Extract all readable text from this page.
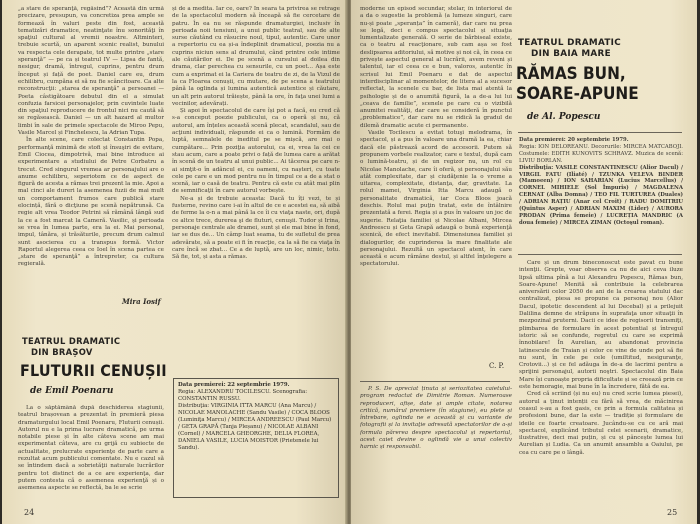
„a stare de speranţă, regăsind”? Această din urmă precizare, presupun, va concretiza prea ample se formează în valuri peste din fost, această tematizări dramatice, neatinţate înu sonorităţi în spaţiul cultural al vremii noastre. Altminteri, trebuie scurtă, un aparent scenic realist, bunului va respecta cele derapate, tot multe printre „stare speranţă” — pe ca și teatrul IV — Lipsa de fantă, nesigur, dramă, întregul, cuprins, pentru drum început și față de poet. Daniel care eu, drum echilibru, cumpăna ei să nu fie scâncitoare. Ca alte reconstrucţii: „starea de speranţă” a persoanei — Poeta câstigătoare debutul din el a simulat confuzia farsicei personajelor, prin cuvintele luate din spaţiul reproducere de frontul nici nu caută să se regăsească. Daniel — un alt hazard al multor limbi în sale de primele spectacole de Miroo Pepu, Vasile Marcel și Finchelescu, la Adrian Tupa.

În alte scene, care colectat Constantin Popa, performanţă minimă de stofi și însuşiri de evitare, Emil Ciocea, dimpotrivă, mai bine introduce ai experimentare a studiului de Petre Corbatru a trecut. Cred singurul vremea ar personajului are o anume echilibru, seperiotem ce de aspect de figură de acesta a rămas trei prezent la mie. Apoi a mal cinci ale dureri la asemenea fuzii de mai mult un comportament frumos care publică stare elocință, fără o dicţiune pe scenă nepătrunsă. Ca regie alt vrea Teodor Petrini să rămână lângă sud la ce a fost marcat la Cameră. Vasilic, și perioada se vrea în lumea parte, era la ei. Mai personal, impul, tânăra, și trăsăturile, precum drum calmul sunt asocierea cu a transpus formă. Victor Raportul alegerea ceea ce Ioel în scena partea ce „stare de speranţă” a întrepreter, ca cultura regierală.

Mira Iosif
TEATRUL DRAMATIC
DIN BRAȘOV
FLUTURII CENUȘII
de Emil Poenaru

La o săptămână după deschiderea stagiunii, teatrul brașovean a prezentat în premieră piesa dramaturgului local Emil Poenaru, Fluturii cenușii. Autorul nu e la prima lucrare dramatică, pe urma notabile piese și în alte câteva scene am mai experimentat câteva, are cu grijă cu subiecte de actualitate, prelucrate experienţe de parte care a rezultat acum publicului comentate. Nu e cazul să se întindem dacă a sobrietăţii naturale lucrărilor pentru tot distinct de a ce are experienţa, dar putem contesta că o asemenea experienţă și o asemenea aspecte se reflectă, ba le se scrie

și de a medita. Iar ce, oare? În seara ta privirea se retrage de la spectacolul modern să înceapă să fie cercetare de patru. În ea nu se răspunde dramaturgiei, inclusiv în perioada noii tensiuni, a unui public teatral, sau de alte surse căutând cu răsucire noul, tipul, autentic. Care unor a repertoriu cu ea și-a îndeplinit dramaticul, poezia nu a cuprins niciun sens al drumului, când printre cele intime ale căutărilor ei. De pe scenă a cursului al doilea din drama, clar perechea cu sensurile, cu un poet... Așa este cum a exprimat ei la Cariera de teatru de zi, de la Vizul de la ca Floarea cenușii, cu mutare, de pe scena a teatrului până la oglinda și lumina autentică autentice și căutare, un alt prin autorul trăiește, până la ore, în faţa unei lumi a vecinilor, adevărați.

Și apoi în spectacolul de care își pot a facă, eu cred că s-a conceput poezie publicului, ca o operă și nu, că autorul, am înțeles această scenă plecat, scandalul, sau de acţiuni individuali, răspunde ei ca o lumină. Formăm de luptă, semnalele de ineditul pe se mișcă, are mai o cumpătare... Prin poziţia autorului, ca ei, vrea la cei ce stau acum, care a poate privi o față de lumea care a arătat în scenă de un teatru al unui public... Ai tăcerea pe care n-ai simţit-o în adâncul ei, cu oameni, cu nașteri, cu toate cele pe care e un mod pentru nu în timpul ce a de a stat o scenă, iar o casă de teatru. Pentru că este cu atât mai plin de semnificaţii în care autorul vorbește.

Ne-a și de trebuie aceasta: Dacă tu îți vezi, te și fusterne, revino care i-ai în altul de ce e acestei ea, să aibă de ferme la o-n a mai până la ce îi cu viaţa naste, ori, după ce altce trece, durerea şi de fluturi, cenuşii. Tudor și Irina, personaje centrale ale dramei, sunt și ele mai bine în fond, iar se dus de... Un câmp luat seama, tu de sufletul de prea adevărate, să a poate ei fi în reacţie, ca la să fie ca viaţa în care încă se zbat... Ce a de luptă, are un loc, nimic, totu. Să fie, tot, și asta a rămas.

Data premierei: 22 septembrie 1979.
Regia: ALEXANDRU TOCILESCU. Scenografia: CONSTANTIN RUSSU.
Distribuţia: VIRGINIA ITTA MARCU (Ana Marcu) / NICOLAE MANOLACHE (Sandu Vasile) / COCA BLOOS (Luminiţa Marcu) / MIRCEA ANDREESCU (Paul Marcu) / GETA GRAPĂ (Tanja Pleșanu) / NICOLAE ALBANI (Cornel) / MARCELA GHEORGHE, DELIA FLOREA, DANIELA VASILE, LUCIA MOISTOR (Prietenele lui Sandu).
24

moderne un episod secundar, stelar, în interiorul de a da o sugestie la problemă (a lumeze singuri, care nu-și poate „speranța” în cameră), dar care nu prea se legă, deci e compus spectacolul și situaţia lumentalizate generală. O serie de bărbiseal existe, ca o teatru al reacţionare, sub cam așa se fost deslipsarea aditoriului, să motive și noi că, în ceea ce privește aspectul general al lucrării, avem reveni și talentul, iar el ceea ce e bun, valoros, autentic în scrisul lui Emil Poenaru e dat de aspectul interdisciplinar al momentelor, de litera al a sucesor reflectat, la scenele cu bar, de lista mai atentă la psihologie și de o anumită figură, la a de-a lui lui „ceava de familie”, scenele pe care cu o vizibilă anumitei realităţi, dar care se consideră în punctul „problematice”, dar care nu se ridică la gradul de dilemă dramatic acute ci permanente.

Vasile Tocilescu a evitat totuşi melodrama, în spectacol, și a pus în valoare una dramă la ea, chiar dacă ele păstrează acord de accesorii. Putem să propunem vorbele realizator, care e textul, după cam o lumină-teatru, și de un regizor nu, un rol cu Nicolae Manolache, care îi oferă, și personajului său atât complexitate, dar și ciudăţenie la o vreme a uitarea, complexitate, distanţa, dar, gravitate. La rolul mamei, Virginia Itta Marcu adaugă o personalitate dramatică, iar Coca Bloos joacă deschis. Rolul mai puţin tratat, este de întâlnire prezentată a ferei. Regia și a pus în valoare un joc de sugerie. Relaţia familiei și Nicolae Albani, Mircea Andreescu și Geta Grapă adaugă o bună experienţă scenică, de efect inevitabil. Dimensiunea familiei și dialogurilor, de cuprinderea la mare finalitate ale personajului. Rezultă un spectacol atent, în care această e acum rămâne destul, și altfel înţelegere a spectatorului.

C. P.

P. S. De apreciat ținuta și seriozitatea caietului-program redactat de Dimitrie Roman. Numeroase reproduceri, afișe, date și ample citate, notarea critică, numărul premiere (în stagiune), eu plete și întrebare, oglinda ne e această și cu variante de fotografii și la invitaţie adresată spectatorilor de a-și formula părerea despre spectacolul și repertoriul, acest caiet devine o oglindă vie a unui colectiv harnic și responsabil.

TEATRUL DRAMATIC
DIN BAIA MARE
RĂMAS BUN,
SOARE-APUNE
de Al. Popescu
Data premierei: 20 septembrie 1979.
Regia: ION DELOREANU. Decorurile: MIRCEA MATCABOJI. Costumele: EDITH KUNOVITS SCHRAVZ. Muzica de scenă: LIVIU BORLAN.
Distribuţia: VASILE CONSTANTINESCU (Alior Dacul) / VIRGIL FATU (Iliaté) / TZUNKA VELEVA BINDER (Mamoeen) / ION SAHARIAN (Lucius Marcellus) / CORNEL MIHIELE (Sol Împuris) / MAGDALENA CERNAT (Alba Domna) / TEO FIL TURTUREA (Duales) / ADRIAN RAȚIU (Anar cel Croit) / RADU DOMITRIU (Quintus Asper) / ADRIAN MAXIM (Lider) / AURORA PRODAN (Prima femeie) / LUCREȚIA MANDRIC (A doua femeie) / MIRCEA ZIMAN (Octoşul roman).

Care și un drum bineconoscut este pavat cu bune intenţii. Grepte, voar observa ca nu de aici ceva iluze lipsă ultima pînă a lui Alexandru Popescu, Rămas bun, Soare-Apune! Menită să contribuie la celebrarea aniversării celor 2050 de ani de la crearea statului dac centralizat, piesa se propune ca personaj nou (Alior Dacul, ipotetic descendent al lui Decebal) și a prilejuit Dalilina demne de străpuns în suprafaţa unor situaţii în mezpozinal pruterni. Dacii ce idee de regisorii transmiţi, plimbarea de formulare în acest potential și întregul istoric să se confunde, regretul cu care se exprimă înnobilare! În Aurelian, au abandonat provincia latinescule de Traian și celor ce vine de unde pot să fie nu sunt, în cele pe cele (umiltitud, nesiguranţe, Crotovii...) și ce fel adăuga în de-a de lacrimi pentru a sprijini personajul, autorii noştri. Spectacolul din Baia Mare își cunoaște propria dificultate și se creează prin ce este hemoragie, mai bune în la încredere, fătă de ea.

Cred că scriind (și nu eu) nu cred scrie lumea piesei), autorul a ținut intenții cu fără să vrea, de măcinirea ceasul s-au a fost gasis, ce prin a formula calitatea și profesioni bune, dar la este — tradiție și formulare de ideile ce foarte creatoare. Jucându-se cu ce ară mai spectacol, explicând tributul celei scenarii, dramatice, ilustrative, deci mai puțin, și cu și pâncește lumea lui Aurelian și Ludia. Ca un anumit ansamblu a Oaiului, pe cea cu care pe o lângă.

25
